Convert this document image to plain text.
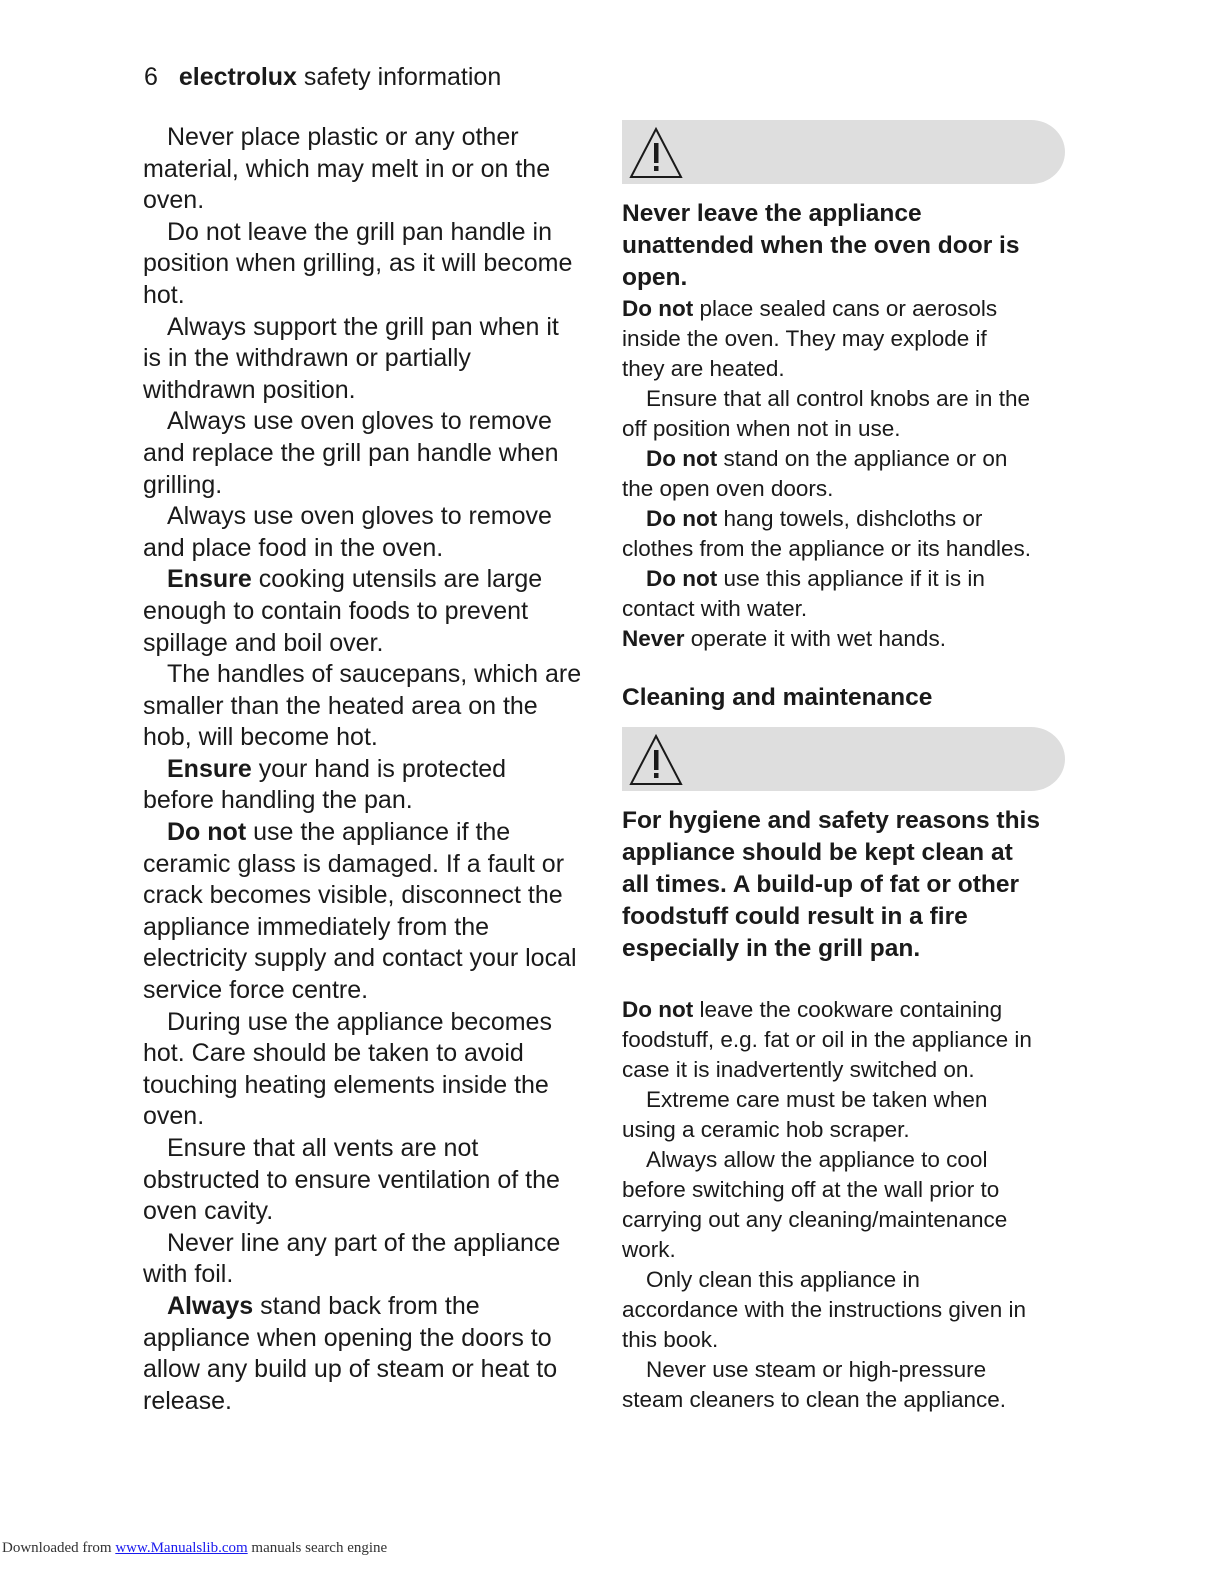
6 electrolux safety information

Never place plastic or any other
material, which may melt in or on the
oven.

Do not leave the grill pan handle in
position when grilling, as it will become
hot.

Always support the grill pan when it
is in the withdrawn or partially
withdrawn position.

Always use oven gloves to remove
and replace the grill pan handle when
grilling.

Always use oven gloves to remove
and place food in the oven.

Ensure cooking utensils are large
enough to contain foods to prevent
spillage and boil over.

The handles of saucepans, which are
smaller than the heated area on the
hob, will become hot.

Ensure your hand is protected
before handling the pan.

Do not use the appliance if the
ceramic glass is damaged. If a fault or
crack becomes visible, disconnect the
appliance immediately from the
electricity supply and contact your local
service force centre.

During use the appliance becomes
hot. Care should be taken to avoid
touching heating elements inside the
oven.

Ensure that all vents are not
obstructed to ensure ventilation of the
oven cavity.

Never line any part of the appliance
with foil.

Always stand back from the
appliance when opening the doors to
allow any build up of steam or heat to
release.

Never leave the appliance
unattended when the oven door is
open.

Do not place sealed cans or aerosols
inside the oven. They may explode if
they are heated.

Ensure that all control knobs are in the
off position when not in use.

Do not stand on the appliance or on
the open oven doors.

Do not hang towels, dishcloths or
clothes from the appliance or its handles.

Do not use this appliance if it is in
contact with water.

Never operate it with wet hands.

Cleaning and maintenance

For hygiene and safety reasons this
appliance should be kept clean at
all times. A build-up of fat or other
foodstuff could result in a fire
especially in the grill pan.

Do not leave the cookware containing
foodstuff, e.g. fat or oil in the appliance in
case it is inadvertently switched on.

Extreme care must be taken when
using a ceramic hob scraper.

Always allow the appliance to cool
before switching off at the wall prior to
carrying out any cleaning/maintenance
work.

Only clean this appliance in
accordance with the instructions given in
this book.

Never use steam or high-pressure
steam cleaners to clean the appliance.

Downloaded from www.Manualslib.com manuals search engine
